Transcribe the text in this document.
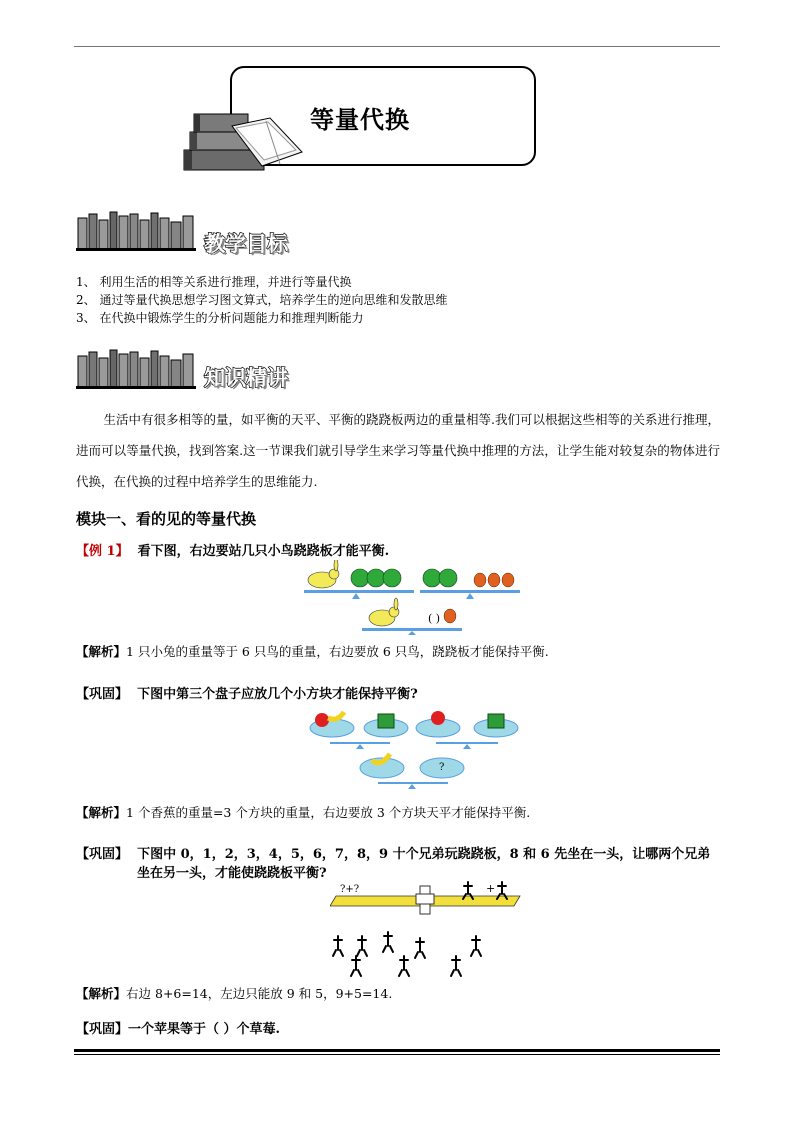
等量代换
教学目标
1、 利用生活的相等关系进行推理，并进行等量代换
2、 通过等量代换思想学习图文算式，培养学生的逆向思维和发散思维
3、 在代换中锻炼学生的分析问题能力和推理判断能力
知识精讲
生活中有很多相等的量，如平衡的天平、平衡的跷跷板两边的重量相等.我们可以根据这些相等的关系进行推理，进而可以等量代换，找到答案.这一节课我们就引导学生来学习等量代换中推理的方法，让学生能对较复杂的物体进行代换，在代换的过程中培养学生的思维能力.
模块一、看的见的等量代换
【例 1】 看下图，右边要站几只小鸟跷跷板才能平衡.
( )
【解析】1 只小兔的重量等于 6 只鸟的重量，右边要放 6 只鸟，跷跷板才能保持平衡.
【巩固】 下图中第三个盘子应放几个小方块才能保持平衡?
?
【解析】1 个香蕉的重量=3 个方块的重量，右边要放 3 个方块天平才能保持平衡.
【巩固】 下图中 0，1，2，3，4，5，6，7，8，9 十个兄弟玩跷跷板，8 和 6 先坐在一头，让哪两个兄弟
坐在另一头，才能使跷跷板平衡?
?+?	+
【解析】右边 8+6=14，左边只能放 9 和 5，9+5=14.
【巩固】一个苹果等于（ ）个草莓.
